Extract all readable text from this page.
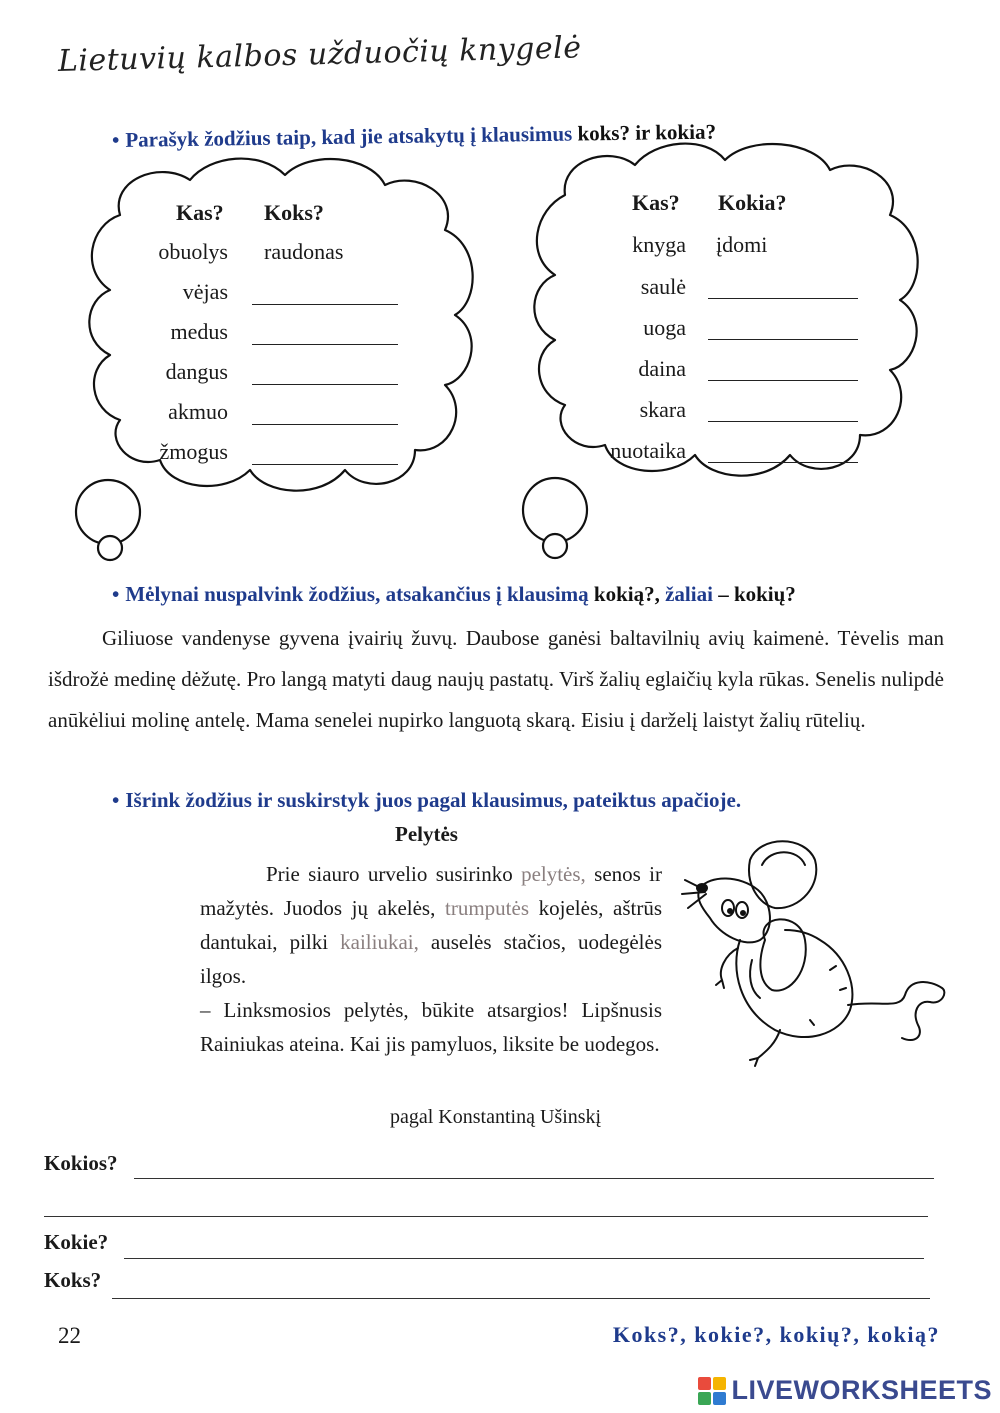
Lietuvių kalbos užduočių knygelė
• Parašyk žodžius taip, kad jie atsakytų į klausimus koks? ir kokia?
Kas? Koks?
obuolys raudonas
vėjas
medus
dangus
akmuo
žmogus
Kas? Kokia?
knyga įdomi
saulė
uoga
daina
skara
nuotaika
• Mėlynai nuspalvink žodžius, atsakančius į klausimą kokią?, žaliai – kokių?
Giliuose vandenyse gyvena įvairių žuvų. Daubose ganėsi baltavilnių avių kaimenė. Tėvelis man išdrožė medinę dėžutę. Pro langą matyti daug naujų pastatų. Virš žalių eglaičių kyla rūkas. Senelis nulipdė anūkėliui molinę antelę. Mama senelei nupirko languotą skarą. Eisiu į darželį laistyt žalių rūtelių.
• Išrink žodžius ir suskirstyk juos pagal klausimus, pateiktus apačioje.
Pelytės

Prie siauro urvelio susirinko pelytės, senos ir mažytės. Juodos jų akelės, trumputės kojelės, aštrūs dantukai, pilki kailiukai, auselės stačios, uodegėlės ilgos.

– Linksmosios pelytės, būkite atsargios! Lipšnusis Rainiukas ateina. Kai jis pamyluos, liksite be uodegos.

pagal Konstantiną Ušinskį
Kokios?
Kokie?
Koks?
22	Koks?, kokie?, kokių?, kokią?
LIVEWORKSHEETS
